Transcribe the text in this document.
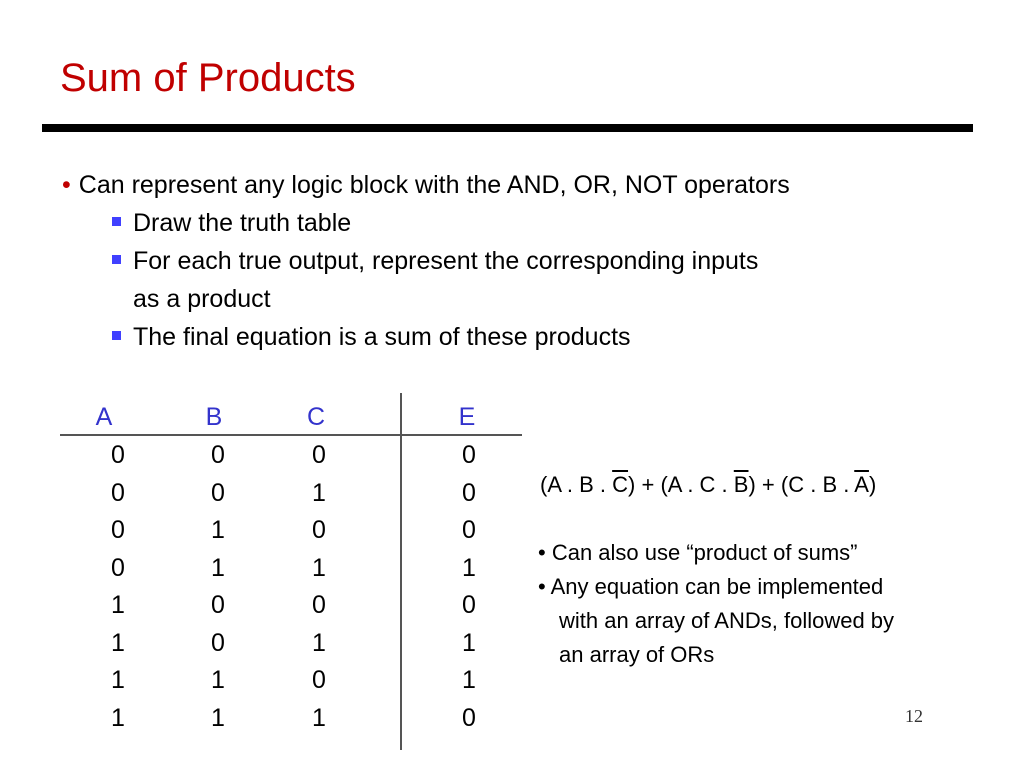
Sum of Products
• Can represent any logic block with the AND, OR, NOT operators
Draw the truth table
For each true output, represent the corresponding inputs
as a product
The final equation is a sum of these products
A	B	C	E
0	0	0	0
0	0	1	0
0	1	0	0
0	1	1	1
1	0	0	0
1	0	1	1
1	1	0	1
1	1	1	0
(A . B . $\overline{C}) + (A$ . C . $\overline{B}) + (C$ . B . $\overline{A}$)
• Can also use “product of sums”
• Any equation can be implemented
with an array of ANDs, followed by
an array of ORs
12
